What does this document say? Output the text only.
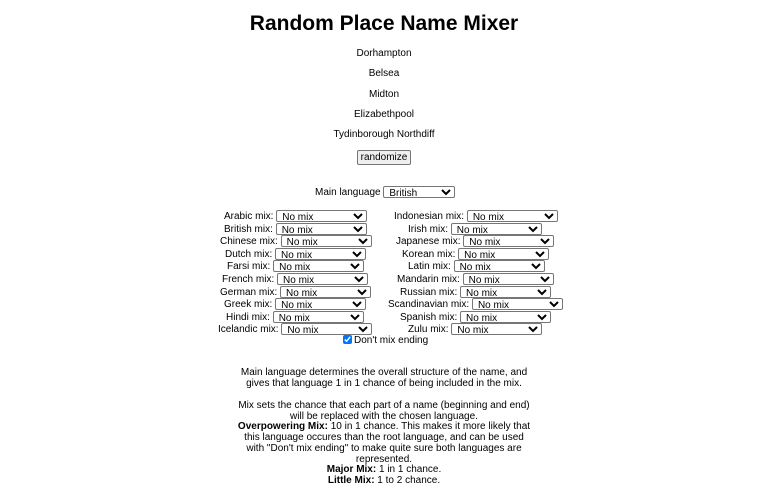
Random Place Name Mixer
Dorhampton
Belsea
Midton
Elizabethpool
Tydinborough Northdiff
randomize
Main language
British
Arabic mix:
No mix
British mix:
No mix
Chinese mix:
No mix
Dutch mix:
No mix
Farsi mix:
No mix
French mix:
No mix
German mix:
No mix
Greek mix:
No mix
Hindi mix:
No mix
Icelandic mix:
No mix
Indonesian mix:
No mix
Irish mix:
No mix
Japanese mix:
No mix
Korean mix:
No mix
Latin mix:
No mix
Mandarin mix:
No mix
Russian mix:
No mix
Scandinavian mix:
No mix
Spanish mix:
No mix
Zulu mix:
No mix
Don't mix ending
Main language determines the overall structure of the name, and gives that language 1 in 1 chance of being included in the mix.
Mix sets the chance that each part of a name (beginning and end) will be replaced with the chosen language.
Overpowering Mix: 10 in 1 chance. This makes it more likely that this language occures than the root language, and can be used with "Don't mix ending" to make quite sure both languages are represented.
Major Mix: 1 in 1 chance.
Little Mix: 1 to 2 chance.
